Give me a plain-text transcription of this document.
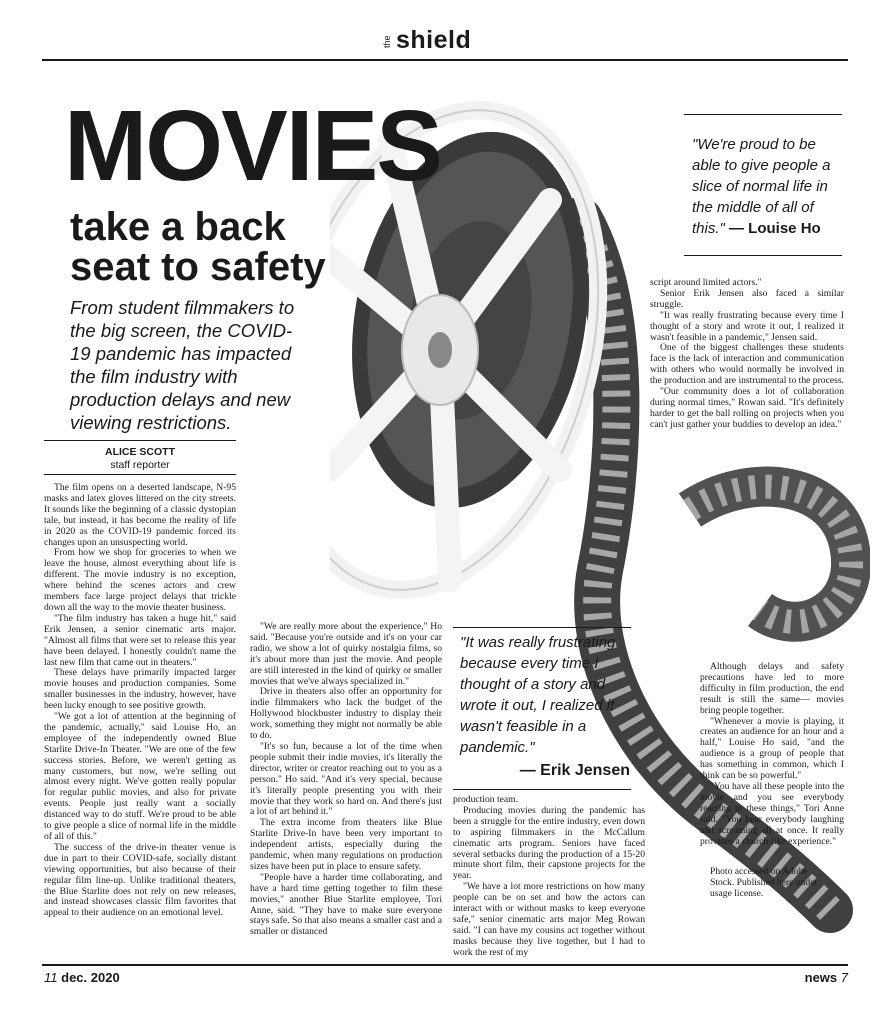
the shield
MOVIES
take a back
seat to safety
From student filmmakers to the big screen, the COVID-19 pandemic has impacted the film industry with production delays and new viewing restrictions.
ALICE SCOTT
staff reporter
"We're proud to be able to give people a slice of normal life in the middle of all of this." — Louise Ho
"It was really frustrating because every time I thought of a story and wrote it out, I realized it wasn't feasible in a pandemic."
— Erik Jensen

The film opens on a deserted landscape, N-95 masks and latex gloves littered on the city streets. It sounds like the beginning of a classic dystopian tale, but instead, it has become the reality of life in 2020 as the COVID-19 pandemic forced its changes upon an unsuspecting world.

From how we shop for groceries to when we leave the house, almost everything about life is different. The movie industry is no exception, where behind the scenes actors and crew members face large project delays that trickle down all the way to the movie theater business.

"The film industry has taken a huge hit," said Erik Jensen, a senior cinematic arts major. "Almost all films that were set to release this year have been delayed. I honestly couldn't name the last new film that came out in theaters."

These delays have primarily impacted larger movie houses and production companies. Some smaller businesses in the industry, however, have been lucky enough to see positive growth.

"We got a lot of attention at the beginning of the pandemic, actually," said Louise Ho, an employee of the independently owned Blue Starlite Drive-In Theater. "We are one of the few success stories. Before, we weren't getting as many customers, but now, we're selling out almost every night. We've gotten really popular for regular public movies, and also for private events. People just really want a socially distanced way to do stuff. We're proud to be able to give people a slice of normal life in the middle of all of this."

The success of the drive-in theater venue is due in part to their COVID-safe, socially distant viewing opportunities, but also because of their regular film line-up. Unlike traditional theaters, the Blue Starlite does not rely on new releases, and instead showcases classic film favorites that appeal to their audience on an emotional level.

"We are really more about the experience," Ho said. "Because you're outside and it's on your car radio, we show a lot of quirky nostalgia films, so it's about more than just the movie. And people are still interested in the kind of quirky or smaller movies that we've always specialized in."

Drive in theaters also offer an opportunity for indie filmmakers who lack the budget of the Hollywood blockbuster industry to display their work, something they might not normally be able to do.

"It's so fun, because a lot of the time when people submit their indie movies, it's literally the director, writer or creator reaching out to you as a person." Ho said. "And it's very special, because it's literally people presenting you with their movie that they work so hard on. And there's just a lot of art behind it."

The extra income from theaters like Blue Starlite Drive-In have been very important to independent artists, especially during the pandemic, when many regulations on production sizes have been put in place to ensure safety.

"People have a harder time collaborating, and have a hard time getting together to film these movies," another Blue Starlite employee, Tori Anne, said. "They have to make sure everyone stays safe. So that also means a smaller cast and a smaller or distanced

production team.

Producing movies during the pandemic has been a struggle for the entire industry, even down to aspiring filmmakers in the McCallum cinematic arts program. Seniors have faced several setbacks during the production of a 15-20 minute short film, their capstone projects for the year.

"We have a lot more restrictions on how many people can be on set and how the actors can interact with or without masks to keep everyone safe," senior cinematic arts major Meg Rowan said. "I can have my cousins act together without masks because they live together, but I had to work the rest of my

script around limited actors."

Senior Erik Jensen also faced a similar struggle.

"It was really frustrating because every time I thought of a story and wrote it out, I realized it wasn't feasible in a pandemic," Jensen said.

One of the biggest challenges these students face is the lack of interaction and communication with others who would normally be involved in the production and are instrumental to the process.

"Our community does a lot of collaboration during normal times," Rowan said. "It's definitely harder to get the ball rolling on projects when you can't just gather your buddies to develop an idea."

Although delays and safety precautions have led to more difficulty in film production, the end result is still the same— movies bring people together.

"Whenever a movie is playing, it creates an audience for an hour and a half," Louise Ho said, "and the audience is a group of people that has something in common, which I think can be so powerful."

"You have all these people into the movie and you see everybody reacting to these things," Tori Anne said. "You hear everybody laughing and screaming all at once. It really provides a church-like experience."

Photo accessed on Adobe Stock. Published here under usage license.
11 dec. 2020	news 7
